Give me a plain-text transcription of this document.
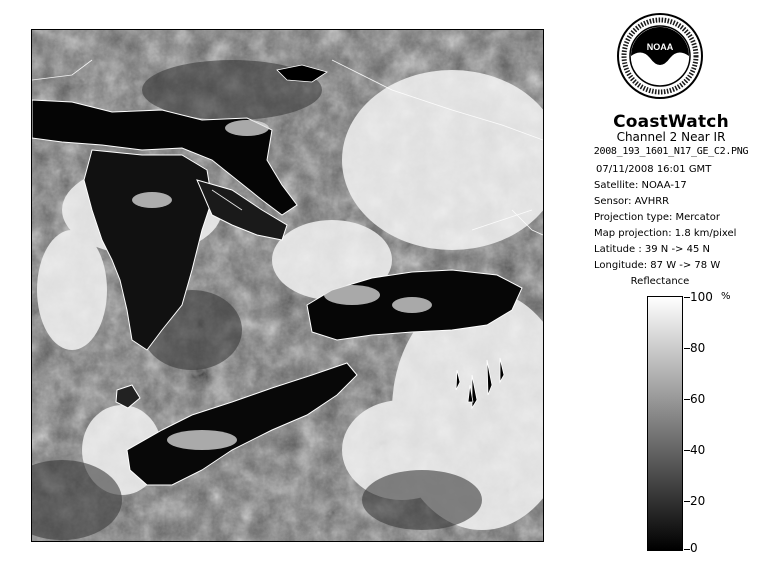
NOAA
CoastWatch
Channel 2 Near IR
2008_193_1601_N17_GE_C2.PNG
07/11/2008 16:01 GMT
Satellite: NOAA-17
Sensor: AVHRR
Projection type: Mercator
Map projection: 1.8 km/pixel
Latitude : 39 N -> 45 N
Longitude: 87 W -> 78 W
Reflectance
%
100
80
60
40
20
0
